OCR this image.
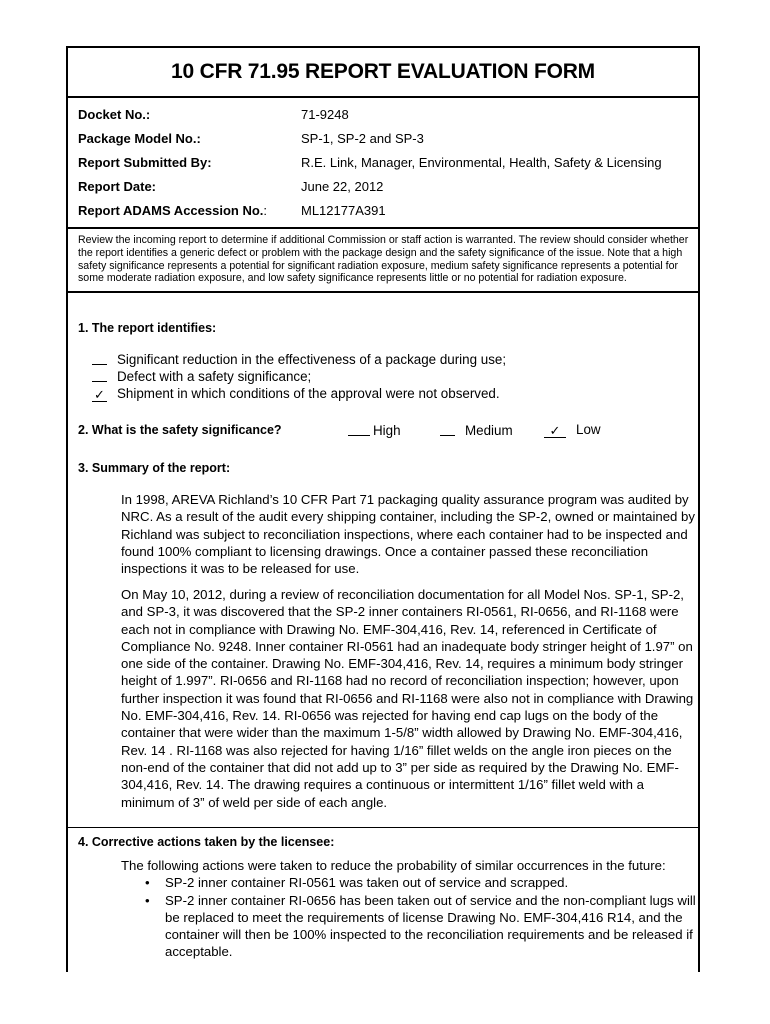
10 CFR 71.95 REPORT EVALUATION FORM
Docket No.:	71-9248
Package Model No.:	SP-1, SP-2 and SP-3
Report Submitted By:	R.E. Link, Manager, Environmental, Health, Safety & Licensing
Report Date:	June 22, 2012
Report ADAMS Accession No.:	ML12177A391
Review the incoming report to determine if additional Commission or staff action is warranted. The review should consider whether the report identifies a generic defect or problem with the package design and the safety significance of the issue. Note that a high safety significance represents a potential for significant radiation exposure, medium safety significance represents a potential for some moderate radiation exposure, and low safety significance represents little or no potential for radiation exposure.
1. The report identifies:
Significant reduction in the effectiveness of a package during use;
Defect with a safety significance;
✓ Shipment in which conditions of the approval were not observed.
2. What is the safety significance?	High	Medium	✓ Low
3. Summary of the report:
In 1998, AREVA Richland’s 10 CFR Part 71 packaging quality assurance program was audited by NRC. As a result of the audit every shipping container, including the SP-2, owned or maintained by Richland was subject to reconciliation inspections, where each container had to be inspected and found 100% compliant to licensing drawings. Once a container passed these reconciliation inspections it was to be released for use.
On May 10, 2012, during a review of reconciliation documentation for all Model Nos. SP-1, SP-2, and SP-3, it was discovered that the SP-2 inner containers RI-0561, RI-0656, and RI-1168 were each not in compliance with Drawing No. EMF-304,416, Rev. 14, referenced in Certificate of Compliance No. 9248. Inner container RI-0561 had an inadequate body stringer height of 1.97” on one side of the container. Drawing No. EMF-304,416, Rev. 14, requires a minimum body stringer height of 1.997”. RI-0656 and RI-1168 had no record of reconciliation inspection; however, upon further inspection it was found that RI-0656 and RI-1168 were also not in compliance with Drawing No. EMF-304,416, Rev. 14. RI-0656 was rejected for having end cap lugs on the body of the container that were wider than the maximum 1-5/8” width allowed by Drawing No. EMF-304,416, Rev. 14 . RI-1168 was also rejected for having 1/16” fillet welds on the angle iron pieces on the non-end of the container that did not add up to 3” per side as required by the Drawing No. EMF-304,416, Rev. 14. The drawing requires a continuous or intermittent 1/16” fillet weld with a minimum of 3” of weld per side of each angle.
4. Corrective actions taken by the licensee:
The following actions were taken to reduce the probability of similar occurrences in the future:
• SP-2 inner container RI-0561 was taken out of service and scrapped.
• SP-2 inner container RI-0656 has been taken out of service and the non-compliant lugs will be replaced to meet the requirements of license Drawing No. EMF-304,416 R14, and the container will then be 100% inspected to the reconciliation requirements and be released if acceptable.
